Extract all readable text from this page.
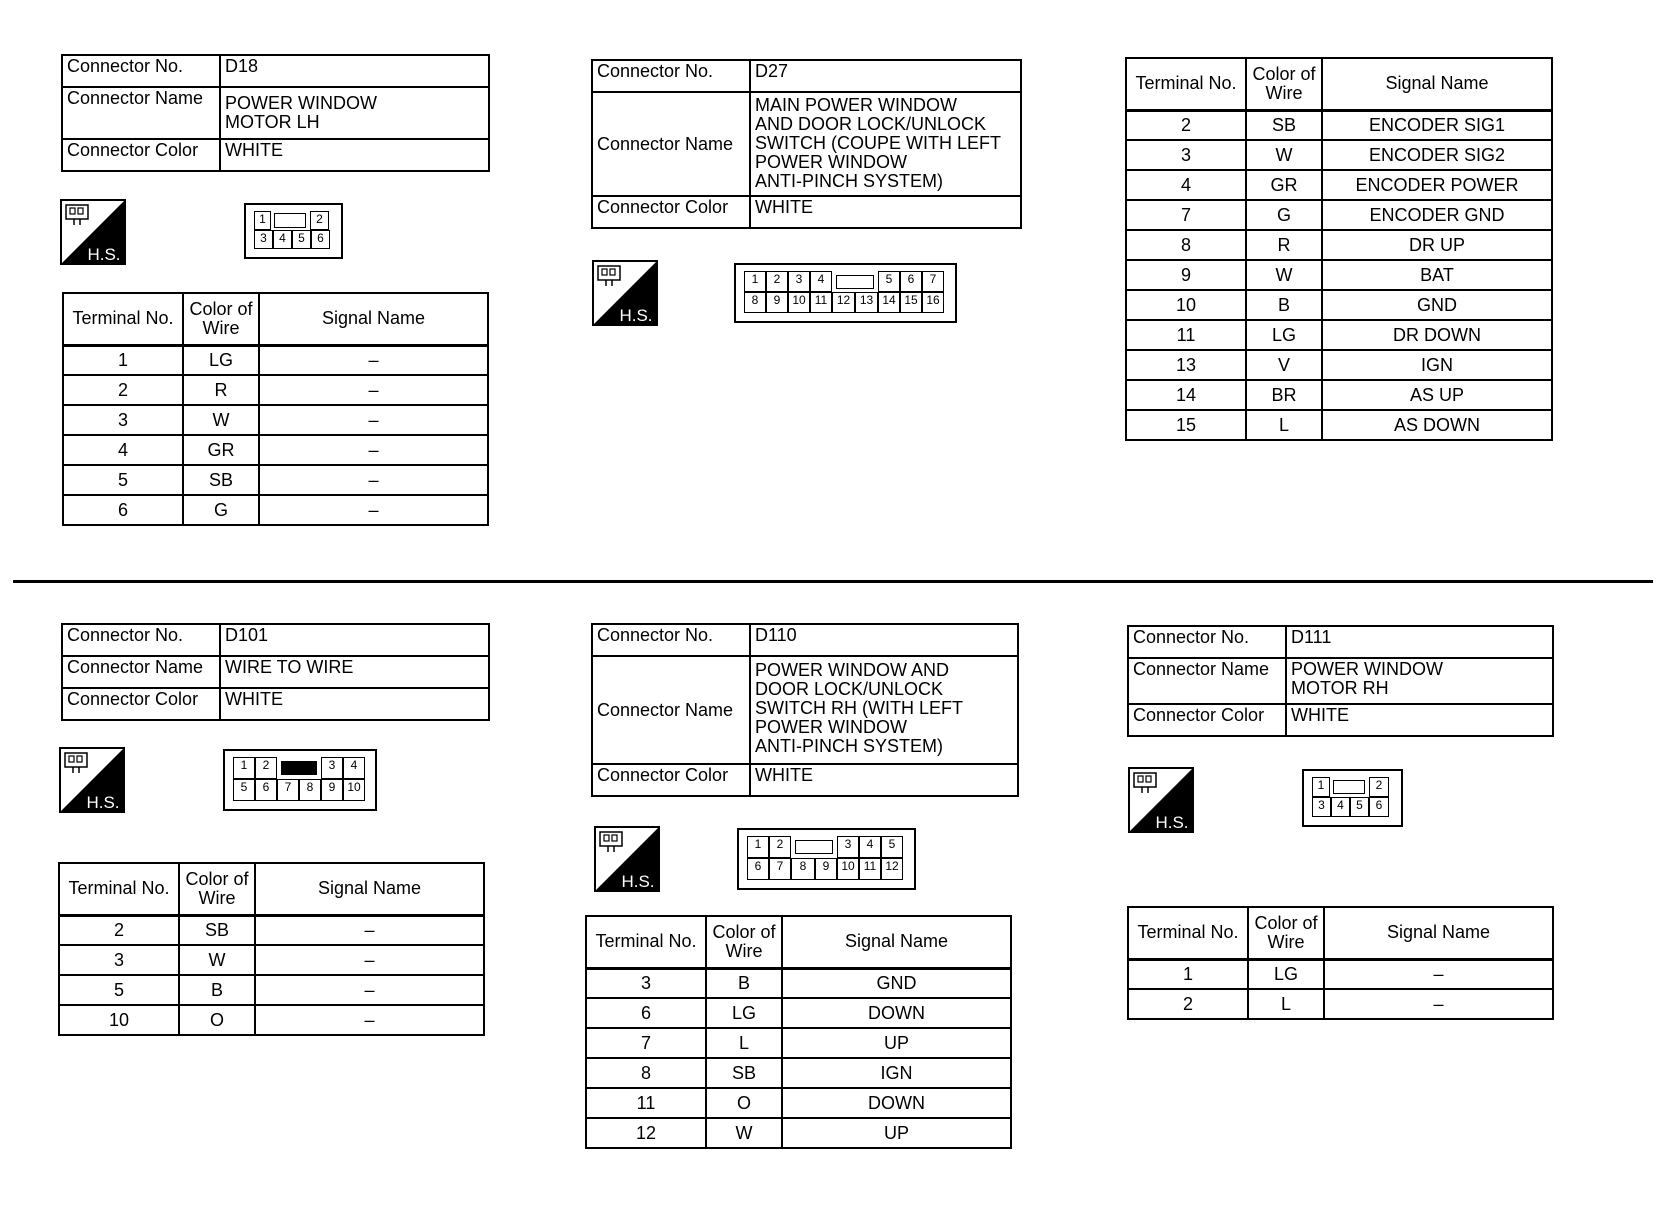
Connector No.	D18
Connector Name	POWER WINDOW
MOTOR LH

Connector Color	WHITE
H.S.
1	2
3	4	5	6
Terminal No.	Color of Wire	Signal Name
1	LG	–
2	R	–
3	W	–
4	GR	–
5	SB	–
6	G	–
Connector No.	D27
Connector Name	MAIN POWER WINDOW
AND DOOR LOCK/UNLOCK
SWITCH (COUPE WITH LEFT
POWER WINDOW
ANTI-PINCH SYSTEM)

Connector Color	WHITE
H.S.
1	2	3	4	5	6	7
8	9 10 11 12 13 14 15 16
Terminal No.	Color of Wire	Signal Name
2	SB	ENCODER SIG1
3	W	ENCODER SIG2
4	GR	ENCODER POWER
7	G	ENCODER GND
8	R	DR UP
9	W	BAT
10	B	GND
11	LG	DR DOWN
13	V	IGN
14	BR	AS UP
15	L	AS DOWN
Connector No.	D101
Connector Name	WIRE TO WIRE
Connector Color	WHITE
H.S.
1	2	3	4
5	6	7	8	9 10
Terminal No.	Color of Wire	Signal Name
2	SB	–
3	W	–
5	B	–
10	O	–
Connector No.	D110
Connector Name	POWER WINDOW AND
DOOR LOCK/UNLOCK
SWITCH RH (WITH LEFT
POWER WINDOW
ANTI-PINCH SYSTEM)

Connector Color	WHITE
H.S.
1	2	3	4	5
6	7	8	9 10 11 12
Terminal No.	Color of Wire	Signal Name
3	B	GND
6	LG	DOWN
7	L	UP
8	SB	IGN
11	O	DOWN
12	W	UP
Connector No.	D111
Connector Name	POWER WINDOW
MOTOR RH

Connector Color	WHITE
H.S.
1	2
3	4	5	6
Terminal No.	Color of Wire	Signal Name
1	LG	–
2	L	–
